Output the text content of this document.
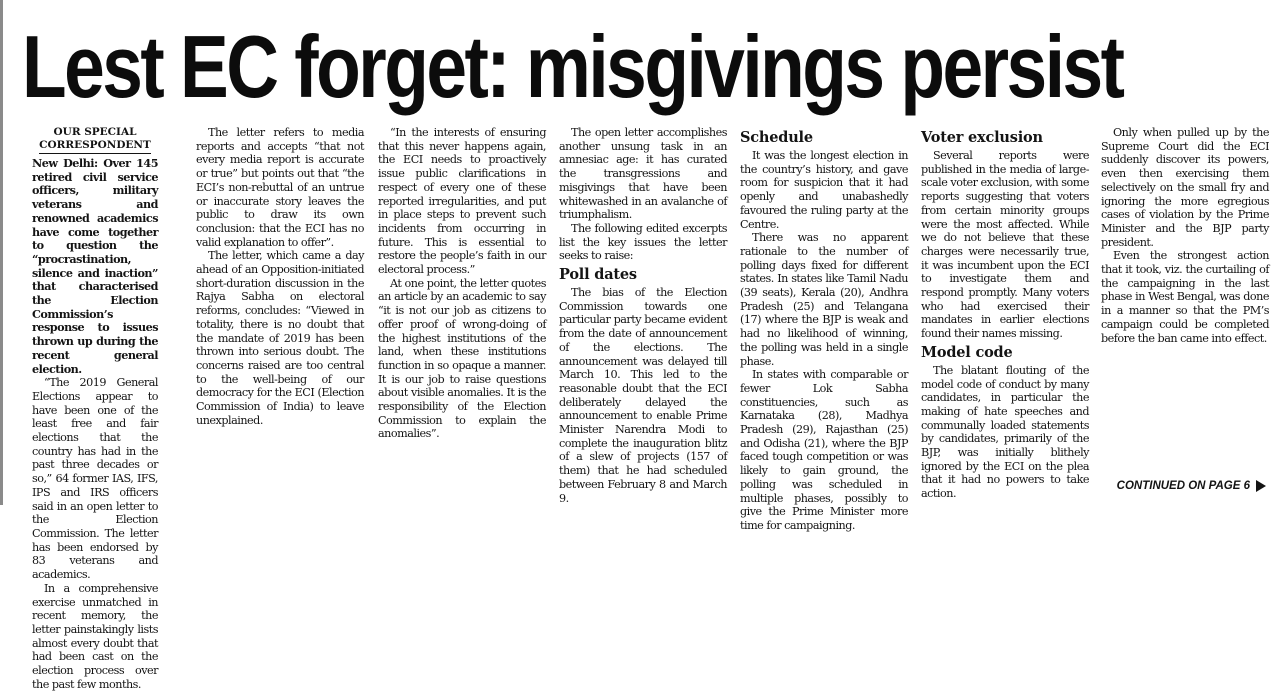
Lest EC forget: misgivings persist
OUR SPECIAL
CORRESPONDENT

New Delhi: Over 145 retired civil service officers, military veterans and renowned academics have come together to question the “procrastination, silence and inaction” that characterised the Election Commission’s response to issues thrown up during the recent general election.

“The 2019 General Elections appear to have been one of the least free and fair elections that the country has had in the past three decades or so,” 64 former IAS, IFS, IPS and IRS officers said in an open letter to the Election Commission. The letter has been endorsed by 83 veterans and academics.

In a comprehensive exercise unmatched in recent memory, the letter painstakingly lists almost every doubt that had been cast on the election process over the past few months.

The letter refers to media reports and accepts “that not every media report is accurate or true” but points out that “the ECI’s non-rebuttal of an untrue or inaccurate story leaves the public to draw its own conclusion: that the ECI has no valid explanation to offer”.

The letter, which came a day ahead of an Opposition-initiated short-duration discussion in the Rajya Sabha on electoral reforms, concludes: “Viewed in totality, there is no doubt that the mandate of 2019 has been thrown into serious doubt. The concerns raised are too central to the well-being of our democracy for the ECI (Election Commission of India) to leave unexplained.

“In the interests of ensuring that this never happens again, the ECI needs to proactively issue public clarifications in respect of every one of these reported irregularities, and put in place steps to prevent such incidents from occurring in future. This is essential to restore the people’s faith in our electoral process.”

At one point, the letter quotes an article by an academic to say “it is not our job as citizens to offer proof of wrong-doing of the highest institutions of the land, when these institutions function in so opaque a manner. It is our job to raise questions about visible anomalies. It is the responsibility of the Election Commission to explain the anomalies”.

The open letter accomplishes another unsung task in an amnesiac age: it has curated the transgressions and misgivings that have been whitewashed in an avalanche of triumphalism.

The following edited excerpts list the key issues the letter seeks to raise:

Poll dates

The bias of the Election Commission towards one particular party became evident from the date of announcement of the elections. The announcement was delayed till March 10. This led to the reasonable doubt that the ECI deliberately delayed the announcement to enable Prime Minister Narendra Modi to complete the inauguration blitz of a slew of projects (157 of them) that he had scheduled between February 8 and March 9.

Schedule

It was the longest election in the country’s history, and gave room for suspicion that it had openly and unabashedly favoured the ruling party at the Centre.

There was no apparent rationale to the number of polling days fixed for different states. In states like Tamil Nadu (39 seats), Kerala (20), Andhra Pradesh (25) and Telangana (17) where the BJP is weak and had no likelihood of winning, the polling was held in a single phase.

In states with comparable or fewer Lok Sabha constituencies, such as Karnataka (28), Madhya Pradesh (29), Rajasthan (25) and Odisha (21), where the BJP faced tough competition or was likely to gain ground, the polling was scheduled in multiple phases, possibly to give the Prime Minister more time for campaigning.

Voter exclusion

Several reports were published in the media of large-scale voter exclusion, with some reports suggesting that voters from certain minority groups were the most affected. While we do not believe that these charges were necessarily true, it was incumbent upon the ECI to investigate them and respond promptly. Many voters who had exercised their mandates in earlier elections found their names missing.

Model code

The blatant flouting of the model code of conduct by many candidates, in particular the making of hate speeches and communally loaded statements by candidates, primarily of the BJP, was initially blithely ignored by the ECI on the plea that it had no powers to take action.

Only when pulled up by the Supreme Court did the ECI suddenly discover its powers, even then exercising them selectively on the small fry and ignoring the more egregious cases of violation by the Prime Minister and the BJP party president.

Even the strongest action that it took, viz. the curtailing of the campaigning in the last phase in West Bengal, was done in a manner so that the PM’s campaign could be completed before the ban came into effect.

CONTINUED ON PAGE 6
